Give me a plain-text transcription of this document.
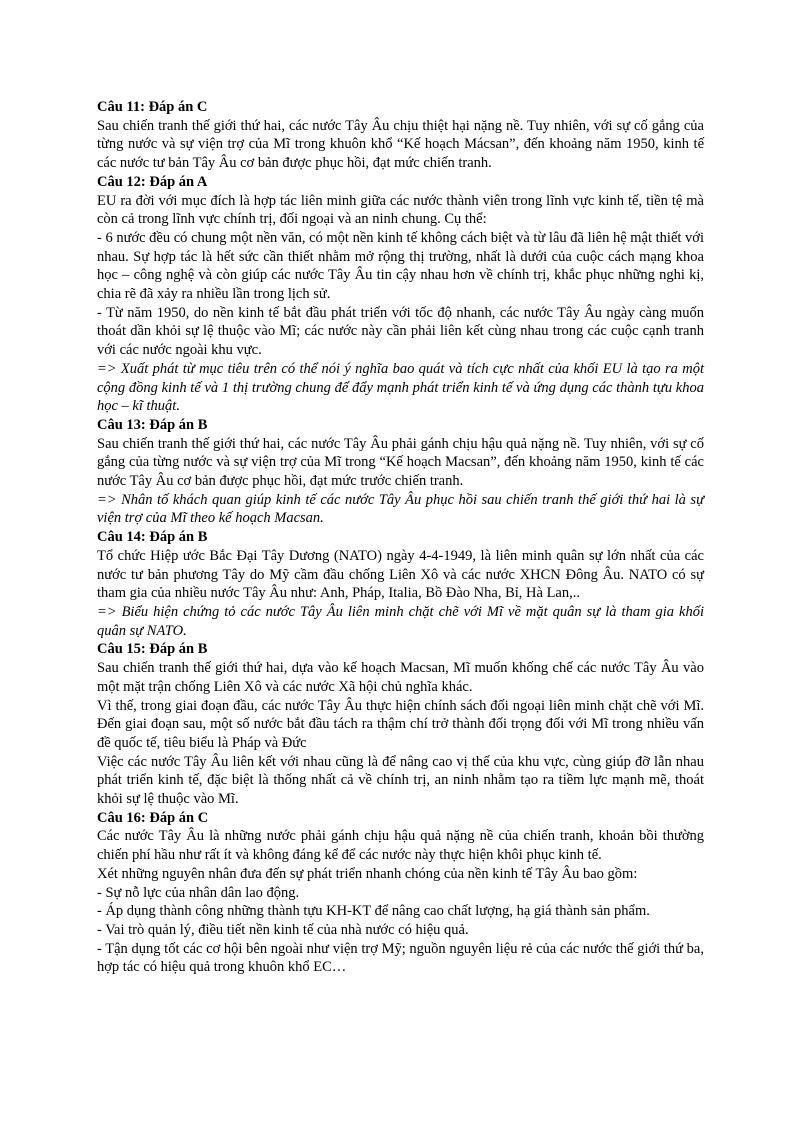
Câu 11: Đáp án C

Sau chiến tranh thế giới thứ hai, các nước Tây Âu chịu thiệt hại nặng nề. Tuy nhiên, với sự cố gắng của từng nước và sự viện trợ của Mĩ trong khuôn khổ “Kế hoạch Mácsan”, đến khoảng năm 1950, kinh tế các nước tư bản Tây Âu cơ bản được phục hồi, đạt mức chiến tranh.

Câu 12: Đáp án A

EU ra đời với mục đích là hợp tác liên minh giữa các nước thành viên trong lĩnh vực kinh tế, tiền tệ mà còn cả trong lĩnh vực chính trị, đối ngoại và an ninh chung. Cụ thể:

- 6 nước đều có chung một nền văn, có một nền kinh tế không cách biệt và từ lâu đã liên hệ mật thiết với nhau. Sự hợp tác là hết sức cần thiết nhằm mở rộng thị trường, nhất là dưới của cuộc cách mạng khoa học – công nghệ và còn giúp các nước Tây Âu tin cậy nhau hơn về chính trị, khắc phục những nghi kị, chia rẽ đã xảy ra nhiều lần trong lịch sử.

- Từ năm 1950, do nền kinh tế bắt đầu phát triển với tốc độ nhanh, các nước Tây Âu ngày càng muốn thoát dần khỏi sự lệ thuộc vào Mĩ; các nước này cần phải liên kết cùng nhau trong các cuộc cạnh tranh với các nước ngoài khu vực.

=> Xuất phát từ mục tiêu trên có thể nói ý nghĩa bao quát và tích cực nhất của khối EU là tạo ra một cộng đồng kinh tế và 1 thị trường chung để đẩy mạnh phát triển kinh tế và ứng dụng các thành tựu khoa học – kĩ thuật.

Câu 13: Đáp án B

Sau chiến tranh thế giới thứ hai, các nước Tây Âu phải gánh chịu hậu quả nặng nề. Tuy nhiên, với sự cố gắng của từng nước và sự viện trợ của Mĩ trong “Kế hoạch Macsan”, đến khoảng năm 1950, kinh tế các nước Tây Âu cơ bản được phục hồi, đạt mức trước chiến tranh.

=> Nhân tố khách quan giúp kinh tế các nước Tây Âu phục hồi sau chiến tranh thế giới thứ hai là sự viện trợ của Mĩ theo kế hoạch Macsan.

Câu 14: Đáp án B

Tổ chức Hiệp ước Bắc Đại Tây Dương (NATO) ngày 4-4-1949, là liên minh quân sự lớn nhất của các nước tư bản phương Tây do Mỹ cầm đầu chống Liên Xô và các nước XHCN Đông Âu. NATO có sự tham gia của nhiều nước Tây Âu như: Anh, Pháp, Italia, Bồ Đào Nha, Bỉ, Hà Lan,..

=> Biểu hiện chứng tỏ các nước Tây Âu liên minh chặt chẽ với Mĩ về mặt quân sự là tham gia khối quân sự NATO.

Câu 15: Đáp án B

Sau chiến tranh thế giới thứ hai, dựa vào kế hoạch Macsan, Mĩ muốn khống chế các nước Tây Âu vào một mặt trận chống Liên Xô và các nước Xã hội chủ nghĩa khác.

Vì thế, trong giai đoạn đầu, các nước Tây Âu thực hiện chính sách đối ngoại liên minh chặt chẽ với Mĩ. Đến giai đoạn sau, một số nước bắt đầu tách ra thậm chí trở thành đối trọng đối với Mĩ trong nhiều vấn đề quốc tế, tiêu biểu là Pháp và Đức

Việc các nước Tây Âu liên kết với nhau cũng là để nâng cao vị thế của khu vực, cùng giúp đỡ lẫn nhau phát triển kinh tế, đặc biệt là thống nhất cả về chính trị, an ninh nhằm tạo ra tiềm lực mạnh mẽ, thoát khỏi sự lệ thuộc vào Mĩ.

Câu 16: Đáp án C

Các nước Tây Âu là những nước phải gánh chịu hậu quả nặng nề của chiến tranh, khoản bồi thường chiến phí hầu như rất ít và không đáng kể để các nước này thực hiện khôi phục kinh tế.

Xét những nguyên nhân đưa đến sự phát triển nhanh chóng của nền kinh tế Tây Âu bao gồm:

- Sự nỗ lực của nhân dân lao động.

- Áp dụng thành công những thành tựu KH-KT để nâng cao chất lượng, hạ giá thành sản phẩm.

- Vai trò quản lý, điều tiết nền kinh tế của nhà nước có hiệu quả.

- Tận dụng tốt các cơ hội bên ngoài như viện trợ Mỹ; nguồn nguyên liệu rẻ của các nước thế giới thứ ba, hợp tác có hiệu quả trong khuôn khổ EC…
